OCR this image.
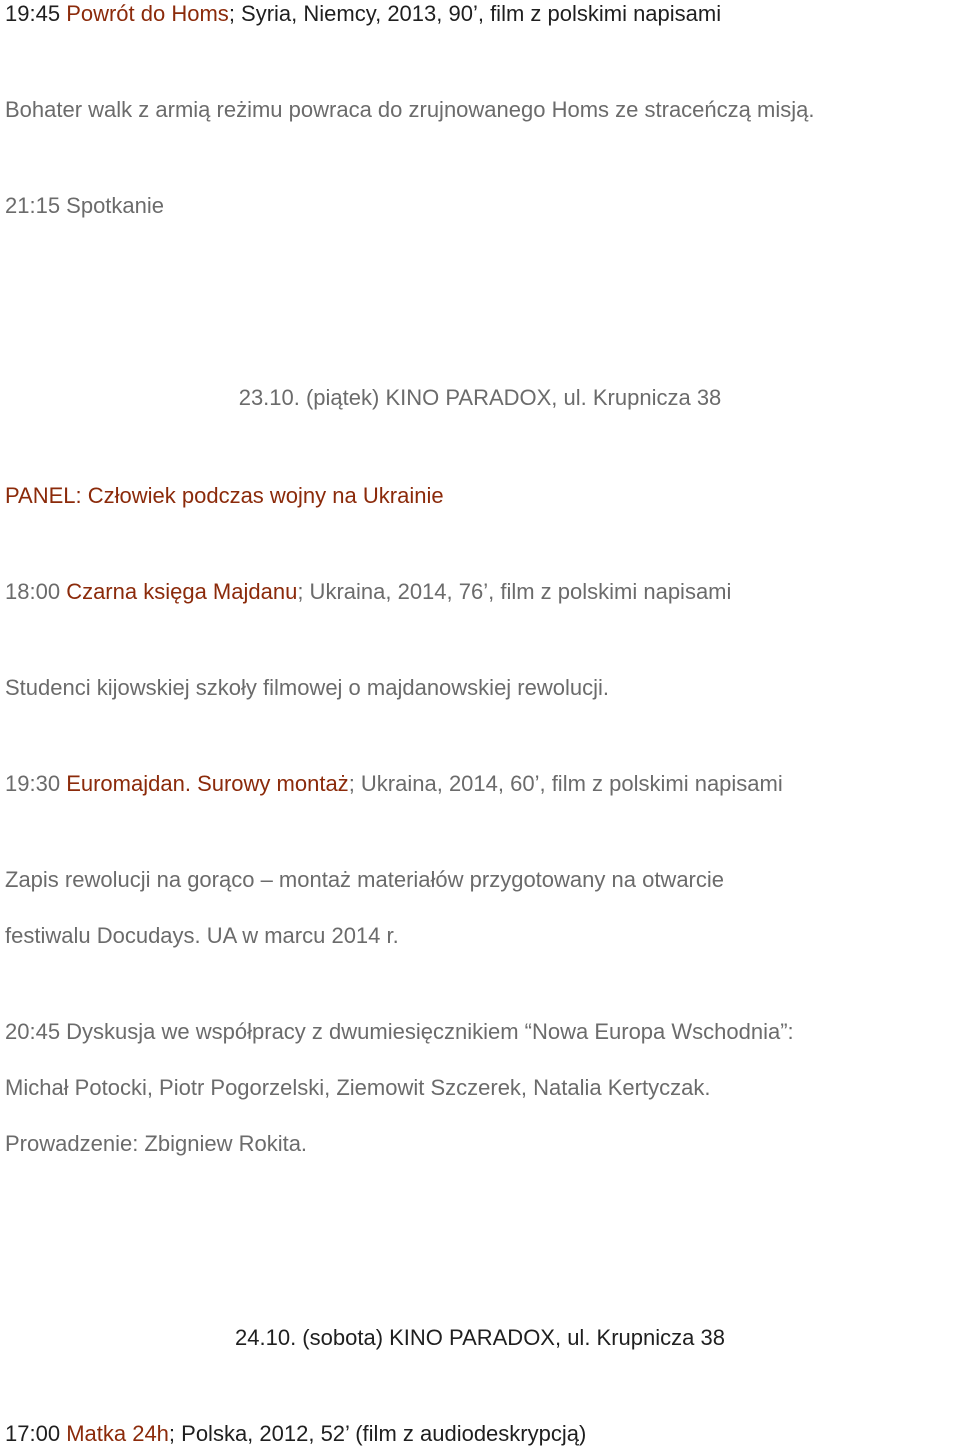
19:45 Powrót do Homs; Syria, Niemcy, 2013, 90’, film z polskimi napisami
Bohater walk z armią reżimu powraca do zrujnowanego Homs ze straceńczą misją.
21:15 Spotkanie
23.10. (piątek) KINO PARADOX, ul. Krupnicza 38
PANEL: Człowiek podczas wojny na Ukrainie
18:00 Czarna księga Majdanu; Ukraina, 2014, 76’, film z polskimi napisami
Studenci kijowskiej szkoły filmowej o majdanowskiej rewolucji.
19:30 Euromajdan. Surowy montaż; Ukraina, 2014, 60’, film z polskimi napisami
Zapis rewolucji na gorąco – montaż materiałów przygotowany na otwarcie
festiwalu Docudays. UA w marcu 2014 r.
20:45 Dyskusja we współpracy z dwumiesięcznikiem “Nowa Europa Wschodnia”:
Michał Potocki, Piotr Pogorzelski, Ziemowit Szczerek, Natalia Kertyczak.
Prowadzenie: Zbigniew Rokita.
24.10. (sobota) KINO PARADOX, ul. Krupnicza 38
17:00 Matka 24h; Polska, 2012, 52’ (film z audiodeskrypcją)
